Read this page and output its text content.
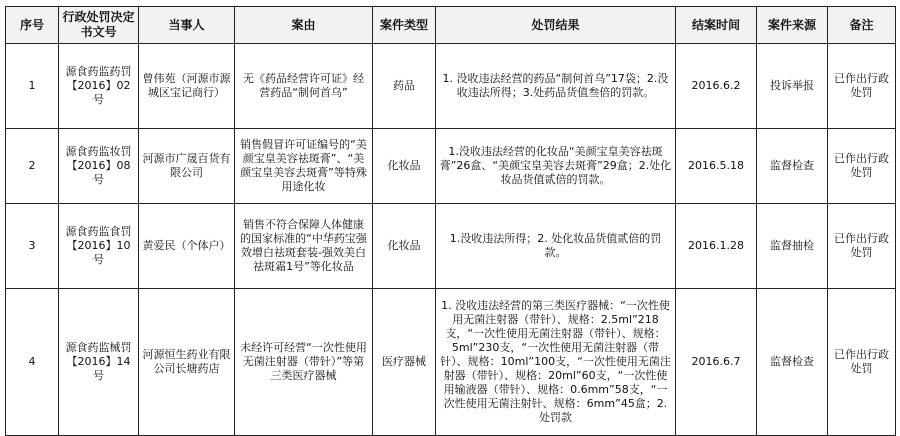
序号	行政处罚决定书文号	当事人	案由	案件类型	处罚结果	结案时间	案件来源	备注
1	源食药监药罚【2016】02号	曾伟苑（河源市源城区宝记商行）	无《药品经营许可证》经营药品“制何首乌”	药品	1. 没收违法经营的药品“制何首乌”17袋；2.没收违法所得；3.处药品货值叁倍的罚款。	2016.6.2	投诉举报	已作出行政处罚
2	源食药监妆罚【2016】08号	河源市广晟百货有限公司	销售假冒许可证编号的“美颜宝皇美容祛斑膏”、“美颜宝皇美容去斑膏”等特殊用途化妆	化妆品	1.没收违法经营的化妆品“美颜宝皇美容祛斑膏”26盒、“美颜宝皇美容去斑膏”29盒；2.处化妆品货值贰倍的罚款。	2016.5.18	监督检查	已作出行政处罚
3	源食药监食罚【2016】10号	黄爱民（个体户）	销售不符合保障人体健康的国家标准的“中华药宝强效增白祛斑套装-强效美白祛斑霜1号”等化妆品	化妆品	1.没收违法所得；2. 处化妆品货值贰倍的罚款。	2016.1.28	监督抽检	已作出行政处罚
4	源食药监械罚【2016】14号	河源恒生药业有限公司长塘药店	未经许可经营“一次性使用无菌注射器（带针）”等第三类医疗器械	医疗器械	1. 没收违法经营的第三类医疗器械：“一次性使用无菌注射器（带针）、规格：2.5ml”218支，“一次性使用无菌注射器（带针）、规格：5ml”230支，“一次性使用无菌注射器（带针）、规格：10ml”100支，“一次性使用无菌注射器（带针）、规格：20ml”60支，“一次性使用输液器（带针）、规格：0.6mm”58支，“一次性使用无菌注射针、规格：6mm”45盒；2.处罚款	2016.6.7	监督检查	已作出行政处罚
